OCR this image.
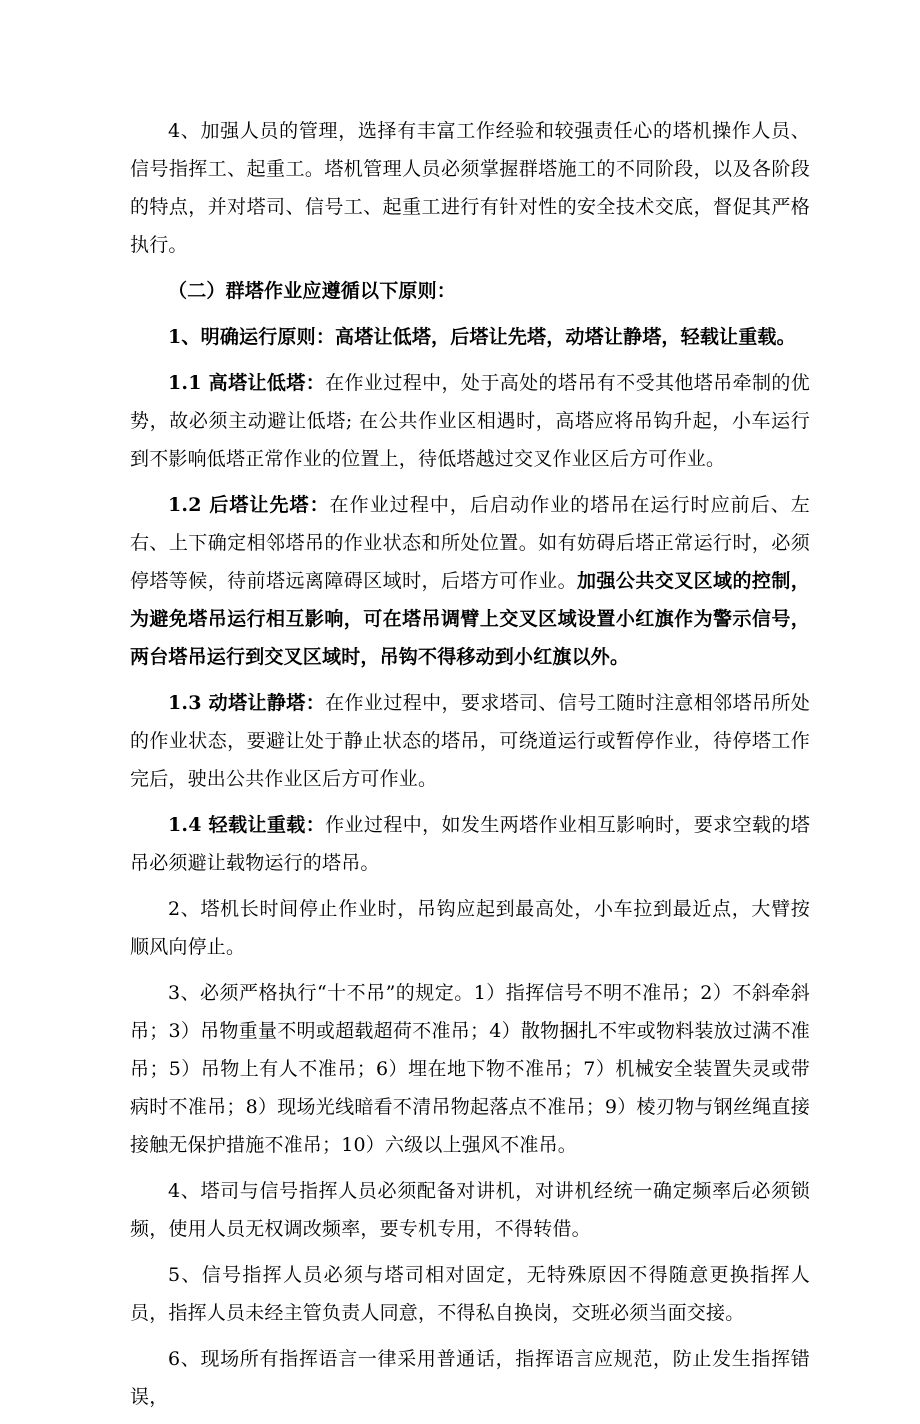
4、加强人员的管理，选择有丰富工作经验和较强责任心的塔机操作人员、信号指挥工、起重工。塔机管理人员必须掌握群塔施工的不同阶段，以及各阶段的特点，并对塔司、信号工、起重工进行有针对性的安全技术交底，督促其严格执行。

（二）群塔作业应遵循以下原则：

1、明确运行原则：高塔让低塔，后塔让先塔，动塔让静塔，轻载让重载。

1.1 高塔让低塔：在作业过程中，处于高处的塔吊有不受其他塔吊牵制的优势，故必须主动避让低塔; 在公共作业区相遇时，高塔应将吊钩升起，小车运行到不影响低塔正常作业的位置上，待低塔越过交叉作业区后方可作业。

1.2 后塔让先塔：在作业过程中，后启动作业的塔吊在运行时应前后、左右、上下确定相邻塔吊的作业状态和所处位置。如有妨碍后塔正常运行时，必须停塔等候，待前塔远离障碍区域时，后塔方可作业。加强公共交叉区域的控制，为避免塔吊运行相互影响，可在塔吊调臂上交叉区域设置小红旗作为警示信号，两台塔吊运行到交叉区域时，吊钩不得移动到小红旗以外。

1.3 动塔让静塔：在作业过程中，要求塔司、信号工随时注意相邻塔吊所处的作业状态，要避让处于静止状态的塔吊，可绕道运行或暂停作业，待停塔工作完后，驶出公共作业区后方可作业。

1.4 轻载让重载：作业过程中，如发生两塔作业相互影响时，要求空载的塔吊必须避让载物运行的塔吊。

2、塔机长时间停止作业时，吊钩应起到最高处，小车拉到最近点，大臂按顺风向停止。

3、必须严格执行“十不吊”的规定。1）指挥信号不明不准吊；2）不斜牵斜吊；3）吊物重量不明或超载超荷不准吊；4）散物捆扎不牢或物料装放过满不准吊；5）吊物上有人不准吊；6）埋在地下物不准吊；7）机械安全装置失灵或带病时不准吊；8）现场光线暗看不清吊物起落点不准吊；9）棱刃物与钢丝绳直接接触无保护措施不准吊；10）六级以上强风不准吊。

4、塔司与信号指挥人员必须配备对讲机，对讲机经统一确定频率后必须锁频，使用人员无权调改频率，要专机专用，不得转借。

5、信号指挥人员必须与塔司相对固定，无特殊原因不得随意更换指挥人员，指挥人员未经主管负责人同意，不得私自换岗，交班必须当面交接。

6、现场所有指挥语言一律采用普通话，指挥语言应规范，防止发生指挥错误，
